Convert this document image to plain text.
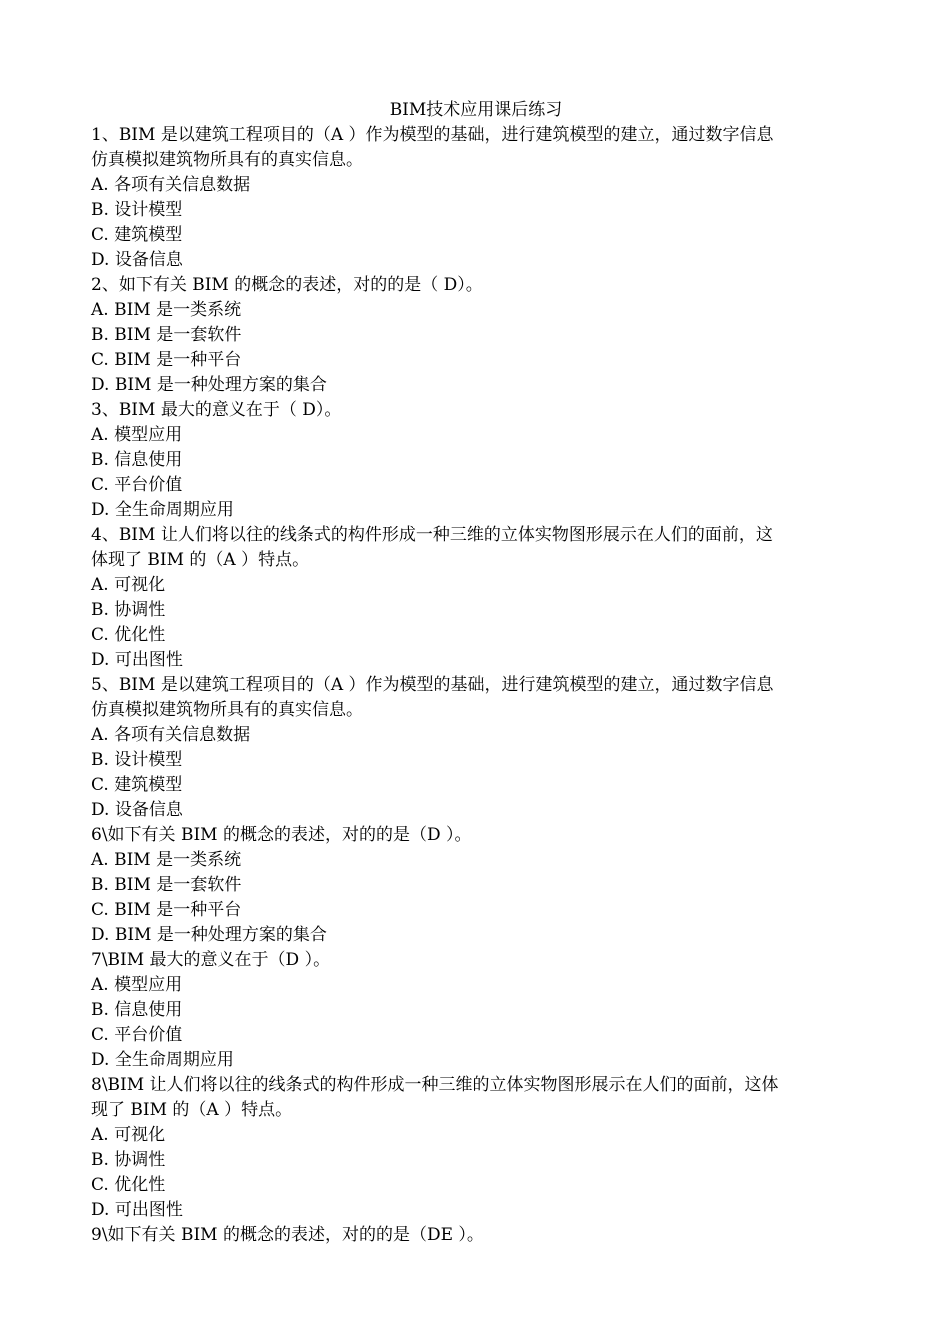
BIM技术应用课后练习
1、BIM 是以建筑工程项目的（A ）作为模型的基础，进行建筑模型的建立，通过数字信息
仿真模拟建筑物所具有的真实信息。
A. 各项有关信息数据
B. 设计模型
C. 建筑模型
D. 设备信息
2、如下有关 BIM 的概念的表述，对的的是（ D）。
A. BIM 是一类系统
B. BIM 是一套软件
C. BIM 是一种平台
D. BIM 是一种处理方案的集合
3、BIM 最大的意义在于（ D）。
A. 模型应用
B. 信息使用
C. 平台价值
D. 全生命周期应用
4、BIM 让人们将以往的线条式的构件形成一种三维的立体实物图形展示在人们的面前，这
体现了 BIM 的（A ）特点。
A. 可视化
B. 协调性
C. 优化性
D. 可出图性
5、BIM 是以建筑工程项目的（A ）作为模型的基础，进行建筑模型的建立，通过数字信息
仿真模拟建筑物所具有的真实信息。
A. 各项有关信息数据
B. 设计模型
C. 建筑模型
D. 设备信息
6\如下有关 BIM 的概念的表述，对的的是（D ）。
A. BIM 是一类系统
B. BIM 是一套软件
C. BIM 是一种平台
D. BIM 是一种处理方案的集合
7\BIM 最大的意义在于（D ）。
A. 模型应用
B. 信息使用
C. 平台价值
D. 全生命周期应用
8\BIM 让人们将以往的线条式的构件形成一种三维的立体实物图形展示在人们的面前，这体
现了 BIM 的（A ）特点。
A. 可视化
B. 协调性
C. 优化性
D. 可出图性
9\如下有关 BIM 的概念的表述，对的的是（DE ）。
